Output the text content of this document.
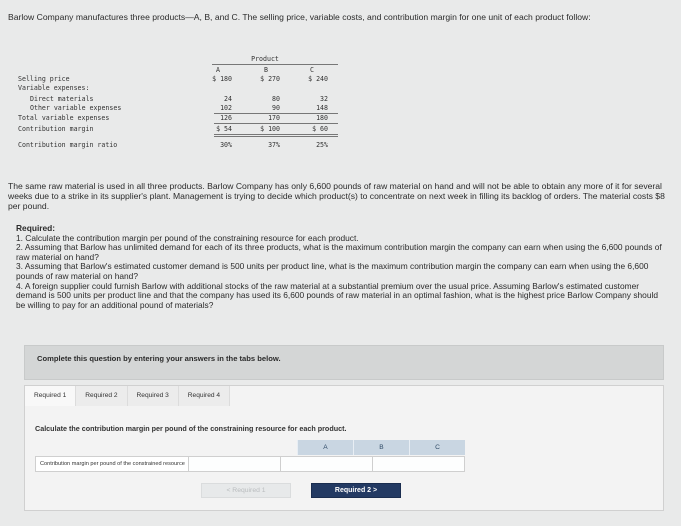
Barlow Company manufactures three products—A, B, and C. The selling price, variable costs, and contribution margin for one unit of each product follow:
Product
A	B	C
Selling price	$ 180	$ 270	$ 240
Variable expenses:
Direct materials	24	80	32
Other variable expenses	102	90	148
Total variable expenses	126	170	180
Contribution margin	$ 54	$ 100	$ 60
Contribution margin ratio	30%	37%	25%
The same raw material is used in all three products. Barlow Company has only 6,600 pounds of raw material on hand and will not be able to obtain any more of it for several weeks due to a strike in its supplier's plant. Management is trying to decide which product(s) to concentrate on next week in filling its backlog of orders. The material costs $8 per pound.
Required:
1. Calculate the contribution margin per pound of the constraining resource for each product.
2. Assuming that Barlow has unlimited demand for each of its three products, what is the maximum contribution margin the company can earn when using the 6,600 pounds of raw material on hand?
3. Assuming that Barlow's estimated customer demand is 500 units per product line, what is the maximum contribution margin the company can earn when using the 6,600 pounds of raw material on hand?
4. A foreign supplier could furnish Barlow with additional stocks of the raw material at a substantial premium over the usual price. Assuming Barlow's estimated customer demand is 500 units per product line and that the company has used its 6,600 pounds of raw material in an optimal fashion, what is the highest price Barlow Company should be willing to pay for an additional pound of materials?
Complete this question by entering your answers in the tabs below.
Required 1	Required 2	Required 3	Required 4
Calculate the contribution margin per pound of the constraining resource for each product.
A	B	C
Contribution margin per pound of the constrained resource
< Required 1	Required 2 >
